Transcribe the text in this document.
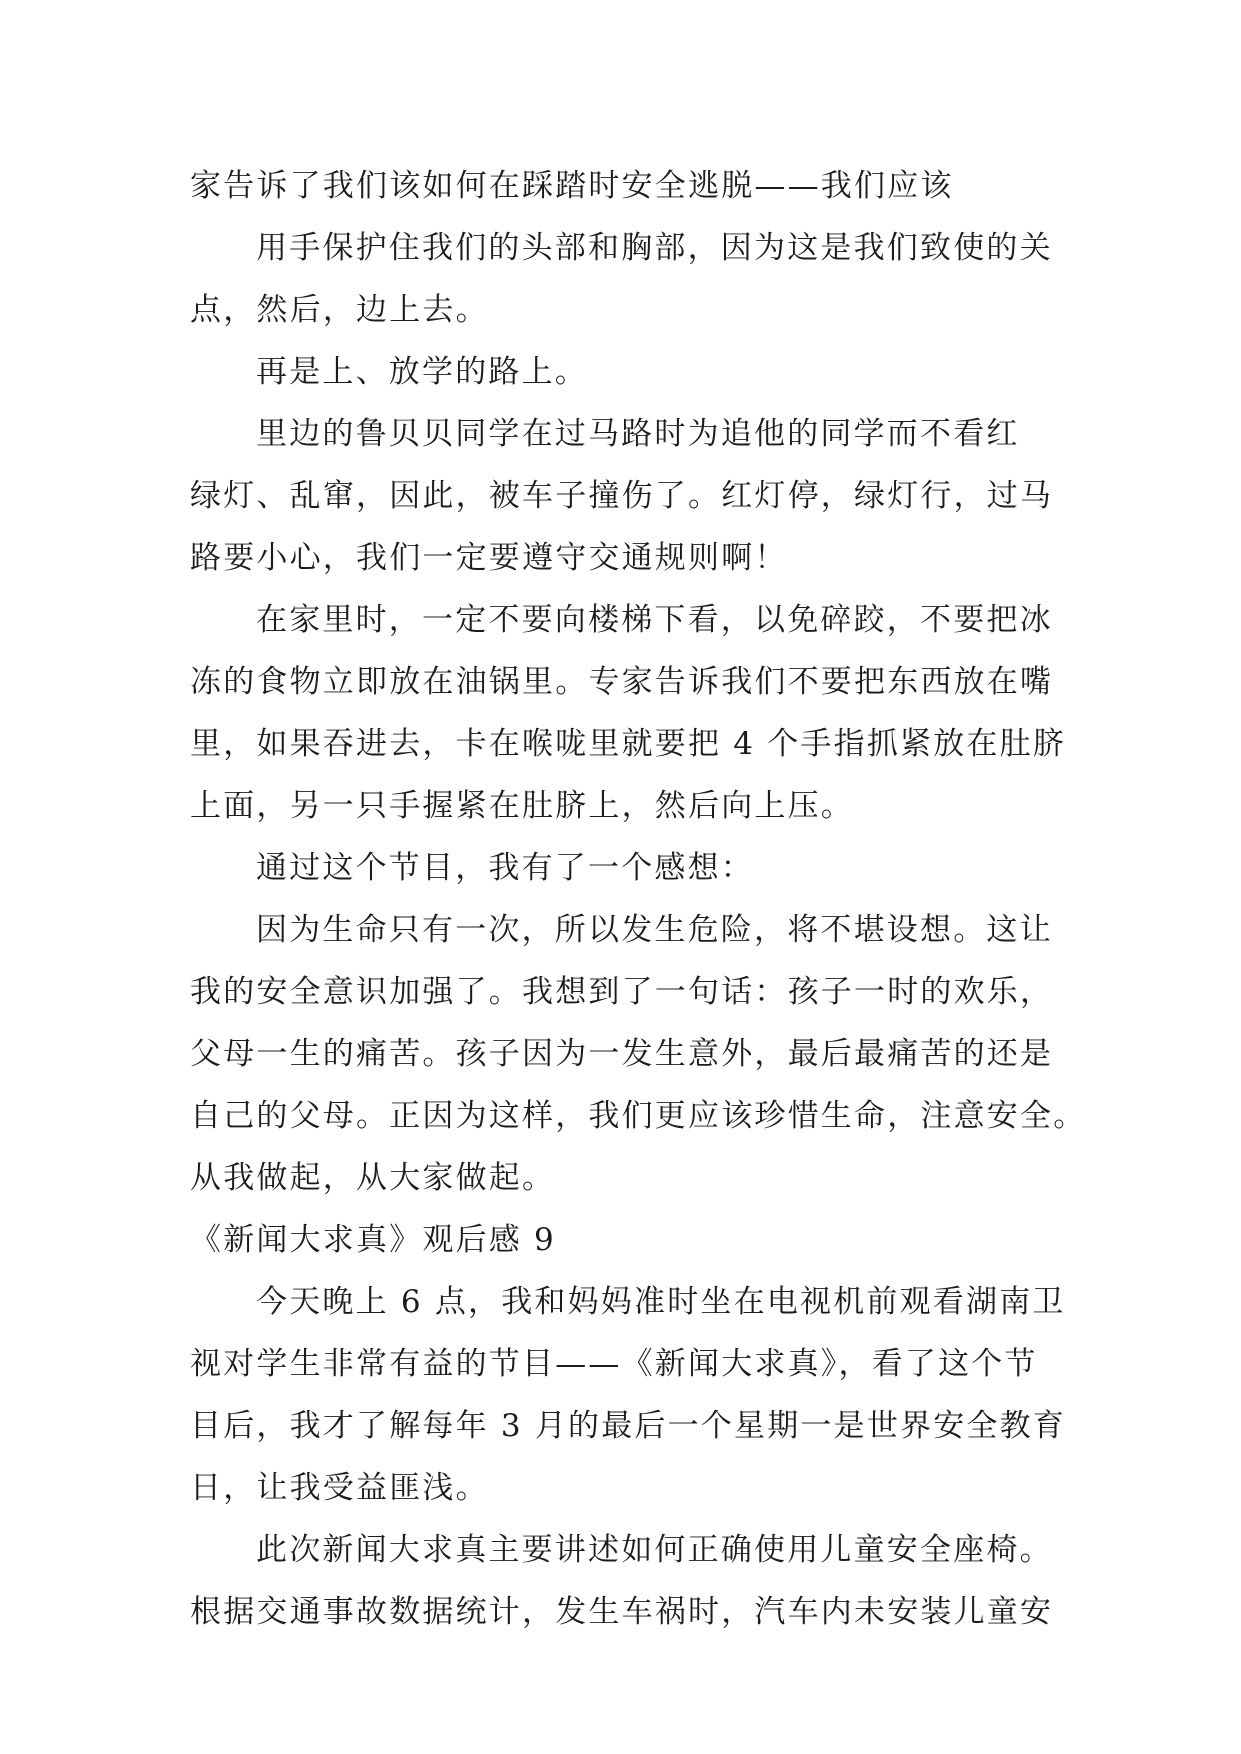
家告诉了我们该如何在踩踏时安全逃脱——我们应该

用手保护住我们的头部和胸部，因为这是我们致使的关

点，然后，边上去。

再是上、放学的路上。

里边的鲁贝贝同学在过马路时为追他的同学而不看红

绿灯、乱窜，因此，被车子撞伤了。红灯停，绿灯行，过马

路要小心，我们一定要遵守交通规则啊！

在家里时，一定不要向楼梯下看，以免碎跤，不要把冰

冻的食物立即放在油锅里。专家告诉我们不要把东西放在嘴

里，如果吞进去，卡在喉咙里就要把 4 个手指抓紧放在肚脐

上面，另一只手握紧在肚脐上，然后向上压。

通过这个节目，我有了一个感想：

因为生命只有一次，所以发生危险，将不堪设想。这让

我的安全意识加强了。我想到了一句话：孩子一时的欢乐，

父母一生的痛苦。孩子因为一发生意外，最后最痛苦的还是

自己的父母。正因为这样，我们更应该珍惜生命，注意安全。

从我做起，从大家做起。

《新闻大求真》观后感 9

今天晚上 6 点，我和妈妈准时坐在电视机前观看湖南卫

视对学生非常有益的节目——《新闻大求真》，看了这个节

目后，我才了解每年 3 月的最后一个星期一是世界安全教育

日，让我受益匪浅。

此次新闻大求真主要讲述如何正确使用儿童安全座椅。

根据交通事故数据统计，发生车祸时，汽车内未安装儿童安
